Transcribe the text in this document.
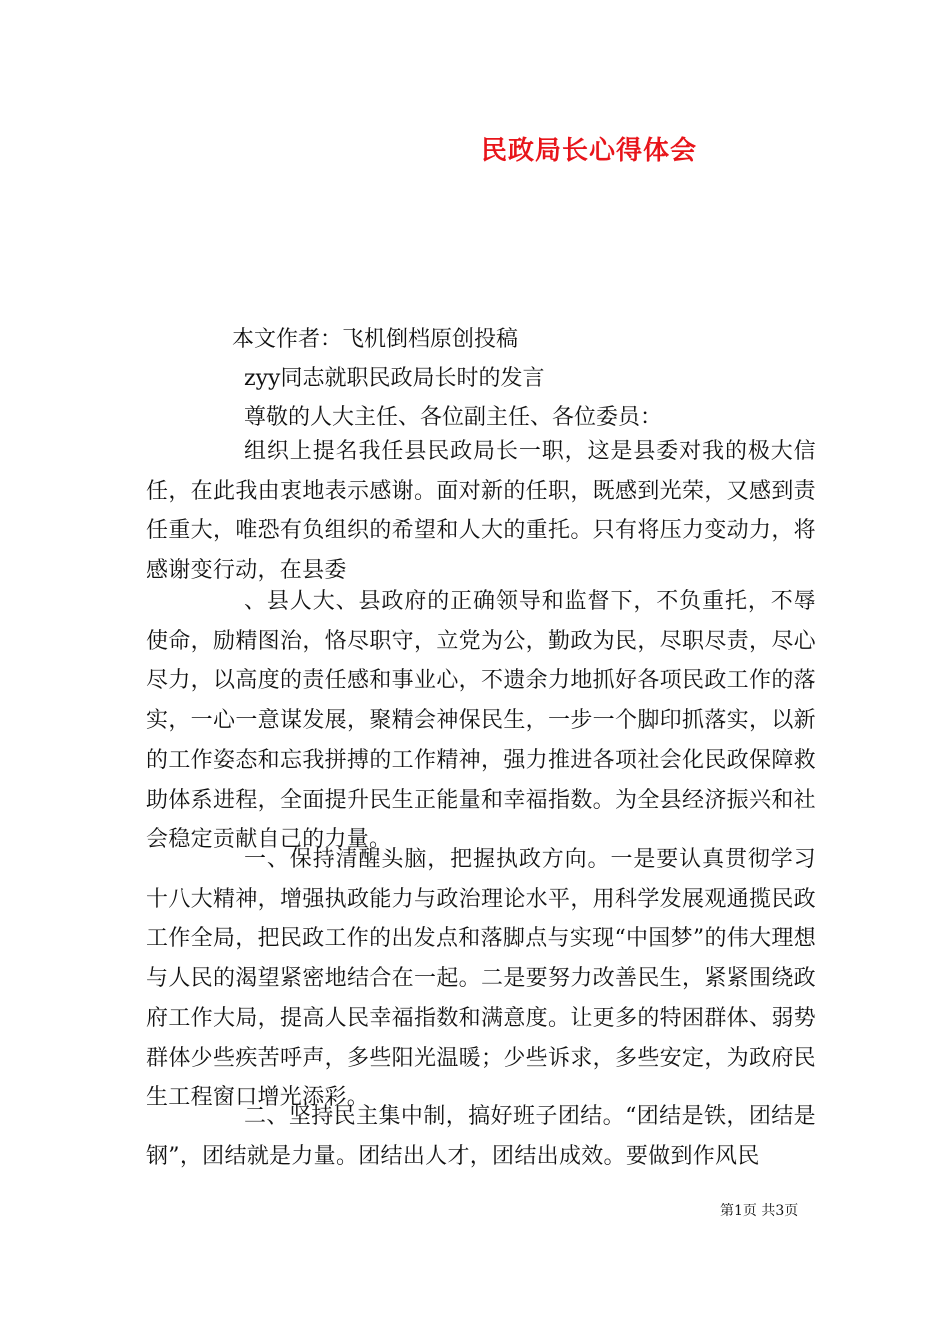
民政局长心得体会
本文作者：飞机倒档原创投稿
zyy同志就职民政局长时的发言
尊敬的人大主任、各位副主任、各位委员：
组织上提名我任县民政局长一职，这是县委对我的极大信任，在此我由衷地表示感谢。面对新的任职，既感到光荣，又感到责任重大，唯恐有负组织的希望和人大的重托。只有将压力变动力，将感谢变行动，在县委
、县人大、县政府的正确领导和监督下，不负重托，不辱使命，励精图治，恪尽职守，立党为公，勤政为民，尽职尽责，尽心尽力，以高度的责任感和事业心，不遗余力地抓好各项民政工作的落实，一心一意谋发展，聚精会神保民生，一步一个脚印抓落实，以新的工作姿态和忘我拼搏的工作精神，强力推进各项社会化民政保障救助体系进程，全面提升民生正能量和幸福指数。为全县经济振兴和社会稳定贡献自己的力量。
一、保持清醒头脑，把握执政方向。一是要认真贯彻学习十八大精神，增强执政能力与政治理论水平，用科学发展观通揽民政工作全局，把民政工作的出发点和落脚点与实现“中国梦”的伟大理想与人民的渴望紧密地结合在一起。二是要努力改善民生，紧紧围绕政府工作大局，提高人民幸福指数和满意度。让更多的特困群体、弱势群体少些疾苦呼声，多些阳光温暖；少些诉求，多些安定，为政府民生工程窗口增光添彩。
二、坚持民主集中制，搞好班子团结。“团结是铁，团结是钢”，团结就是力量。团结出人才，团结出成效。要做到作风民
第1页 共3页
